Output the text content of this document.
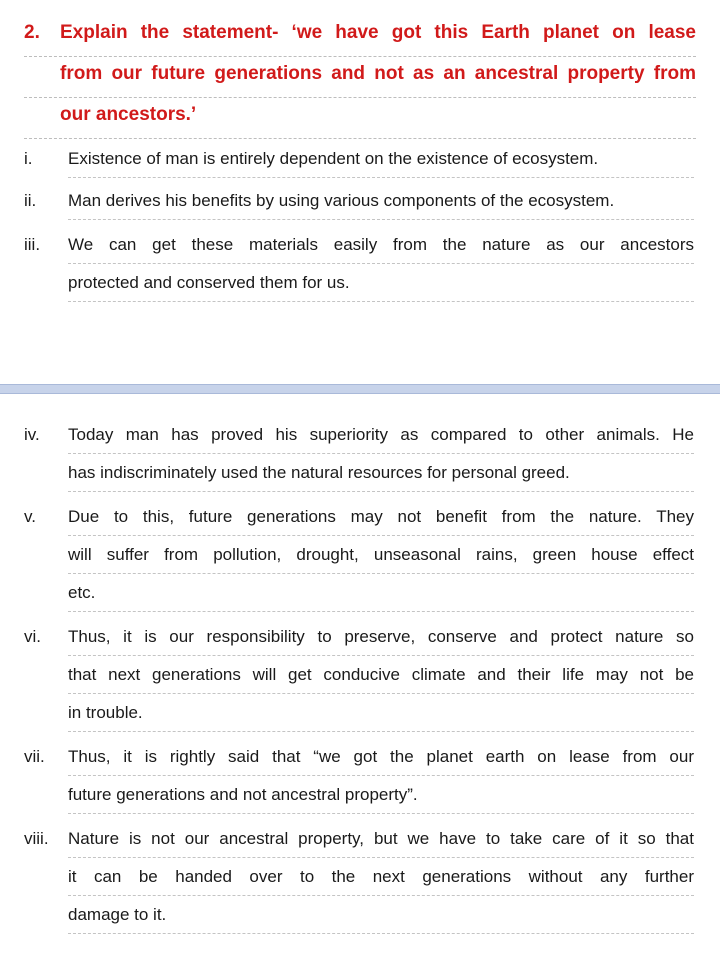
2.	Explain the statement- ‘we have got this Earth planet on lease
from our future generations and not as an ancestral property from
our ancestors.’
i.	Existence of man is entirely dependent on the existence of ecosystem.
ii.	Man derives his benefits by using various components of the ecosystem.
iii.	We can get these materials easily from the nature as our ancestors
protected and conserved them for us.
iv.	Today man has proved his superiority as compared to other animals. He
has indiscriminately used the natural resources for personal greed.
v.	Due to this, future generations may not benefit from the nature. They
will suffer from pollution, drought, unseasonal rains, green house effect
etc.
vi.	Thus, it is our responsibility to preserve, conserve and protect nature so
that next generations will get conducive climate and their life may not be
in trouble.
vii.	Thus, it is rightly said that “we got the planet earth on lease from our
future generations and not ancestral property”.
viii.	Nature is not our ancestral property, but we have to take care of it so that
it can be handed over to the next generations without any further
damage to it.
